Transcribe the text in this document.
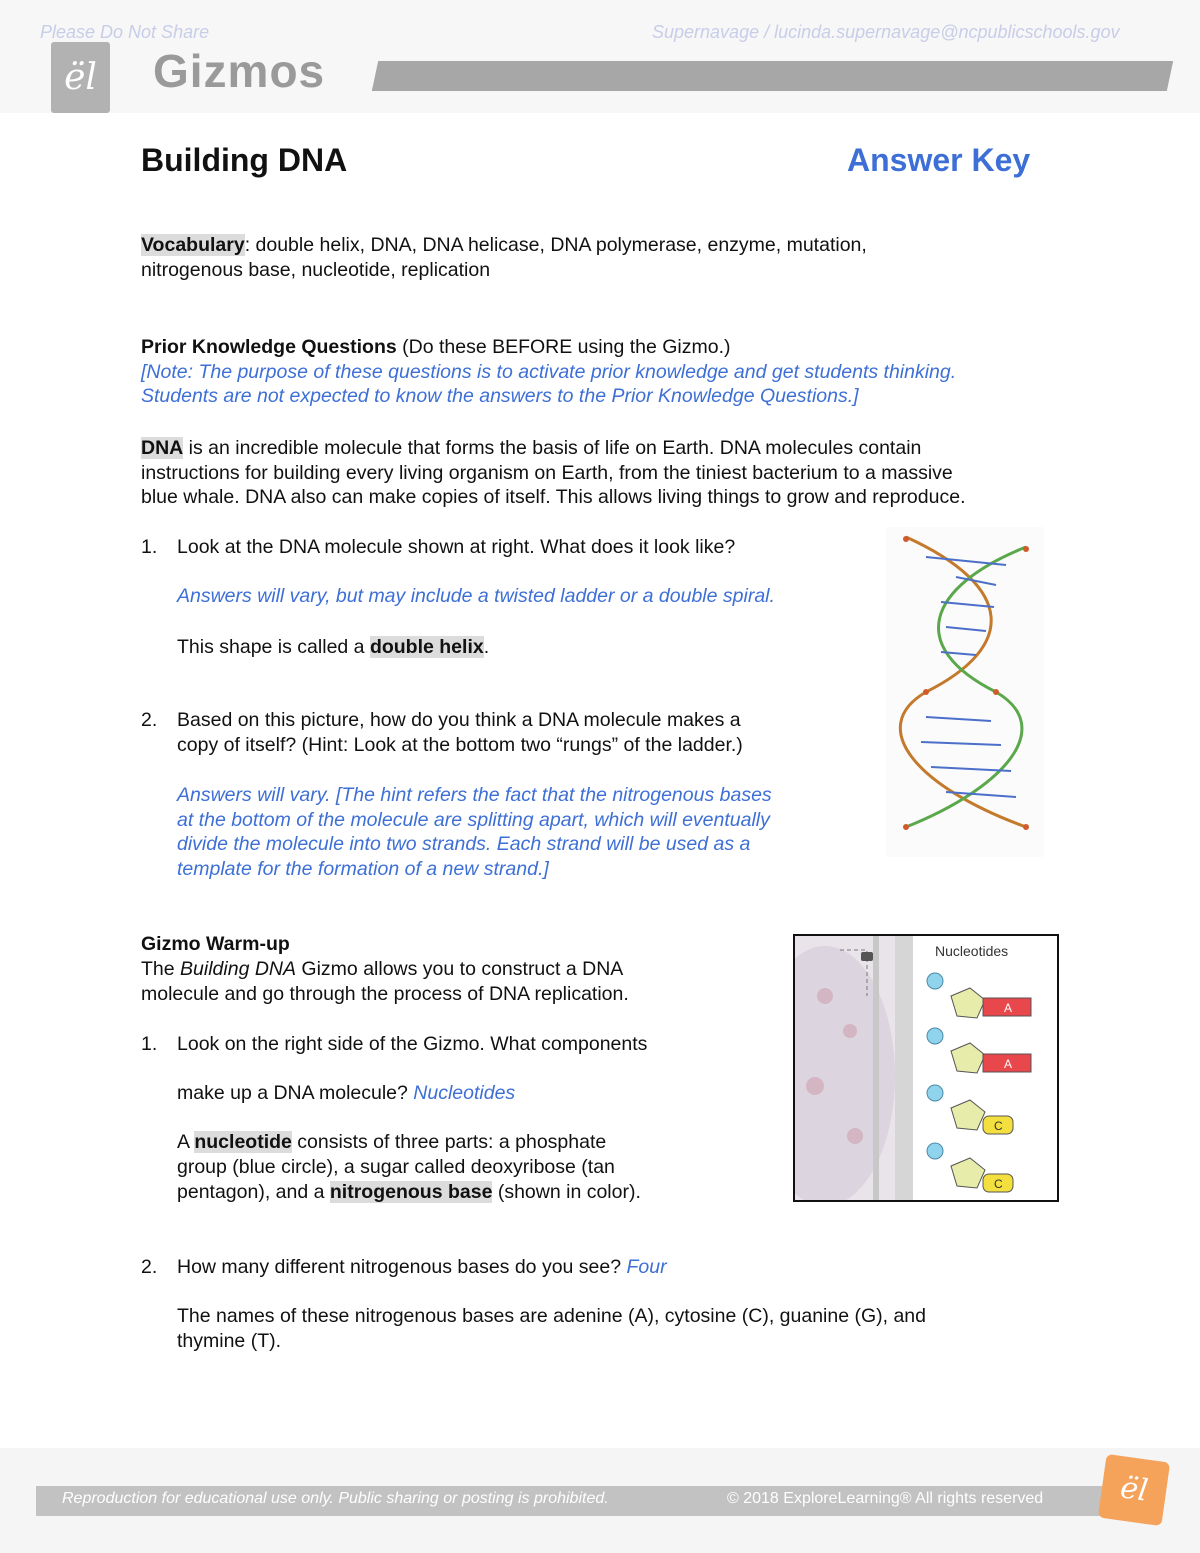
Please Do Not Share	Supernavage / lucinda.supernavage@ncpublicschools.gov
ël Gizmos
Building DNA	Answer Key
Vocabulary: double helix, DNA, DNA helicase, DNA polymerase, enzyme, mutation,
nitrogenous base, nucleotide, replication
Prior Knowledge Questions (Do these BEFORE using the Gizmo.)
[Note: The purpose of these questions is to activate prior knowledge and get students thinking.
Students are not expected to know the answers to the Prior Knowledge Questions.]
DNA is an incredible molecule that forms the basis of life on Earth. DNA molecules contain
instructions for building every living organism on Earth, from the tiniest bacterium to a massive
blue whale. DNA also can make copies of itself. This allows living things to grow and reproduce.
1. Look at the DNA molecule shown at right. What does it look like?
Answers will vary, but may include a twisted ladder or a double spiral.
This shape is called a double helix.
2. Based on this picture, how do you think a DNA molecule makes a
copy of itself? (Hint: Look at the bottom two “rungs” of the ladder.)
Answers will vary. [The hint refers the fact that the nitrogenous bases
at the bottom of the molecule are splitting apart, which will eventually
divide the molecule into two strands. Each strand will be used as a
template for the formation of a new strand.]
Gizmo Warm-up
The Building DNA Gizmo allows you to construct a DNA
molecule and go through the process of DNA replication.
1. Look on the right side of the Gizmo. What components
make up a DNA molecule? Nucleotides
A nucleotide consists of three parts: a phosphate
group (blue circle), a sugar called deoxyribose (tan
pentagon), and a nitrogenous base (shown in color).
Nucleotides
A
A
C
C
2. How many different nitrogenous bases do you see? Four
The names of these nitrogenous bases are adenine (A), cytosine (C), guanine (G), and
thymine (T).
Reproduction for educational use only. Public sharing or posting is prohibited.	© 2018 ExploreLearning® All rights reserved	ël
